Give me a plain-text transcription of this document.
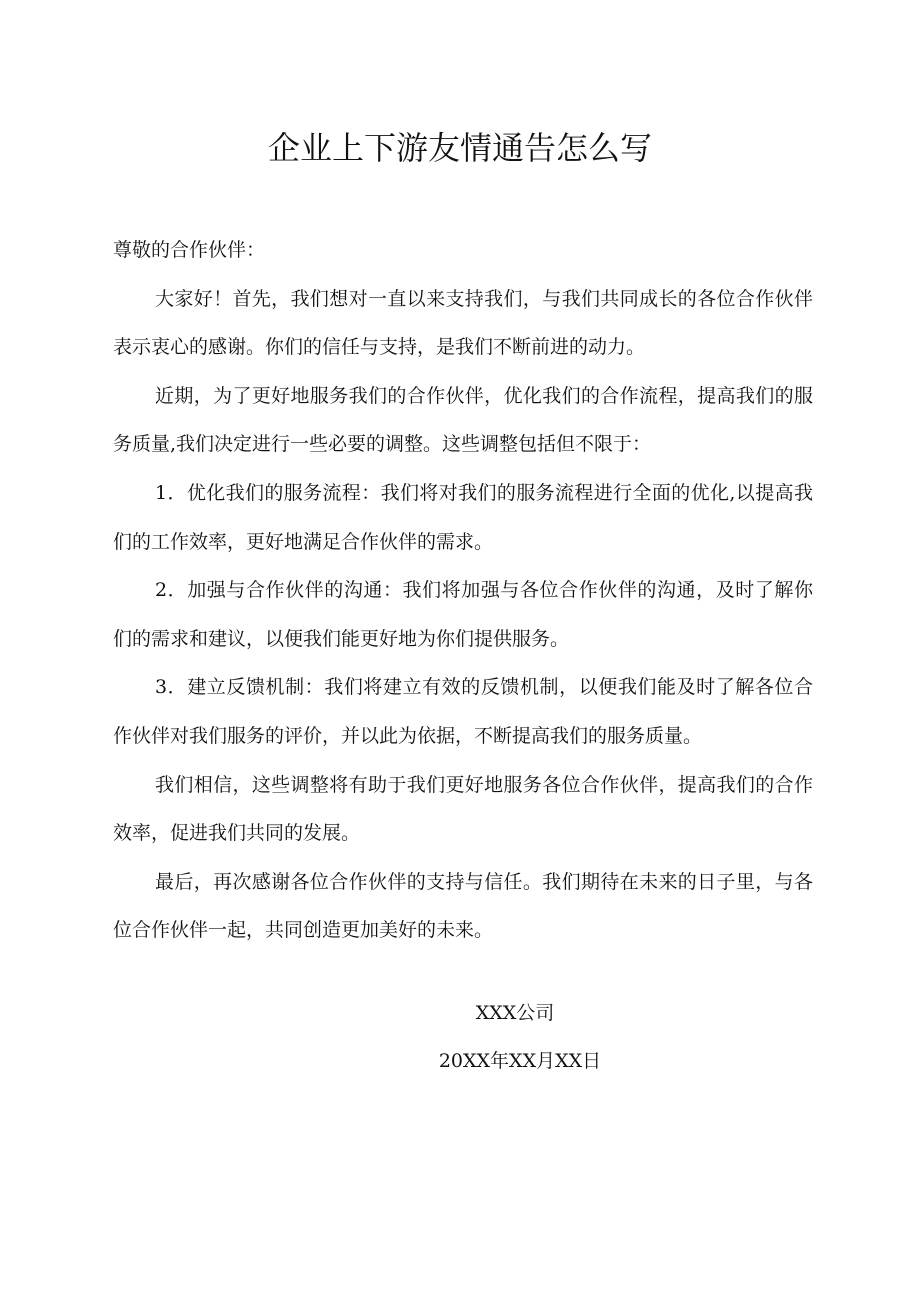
企业上下游友情通告怎么写

尊敬的合作伙伴：

大家好！首先，我们想对一直以来支持我们，与我们共同成长的各位合作伙伴表示衷心的感谢。你们的信任与支持，是我们不断前进的动力。

近期，为了更好地服务我们的合作伙伴，优化我们的合作流程，提高我们的服务质量,我们决定进行一些必要的调整。这些调整包括但不限于：

1．优化我们的服务流程：我们将对我们的服务流程进行全面的优化,以提高我们的工作效率，更好地满足合作伙伴的需求。

2．加强与合作伙伴的沟通：我们将加强与各位合作伙伴的沟通，及时了解你们的需求和建议，以便我们能更好地为你们提供服务。

3．建立反馈机制：我们将建立有效的反馈机制，以便我们能及时了解各位合作伙伴对我们服务的评价，并以此为依据，不断提高我们的服务质量。

我们相信，这些调整将有助于我们更好地服务各位合作伙伴，提高我们的合作效率，促进我们共同的发展。

最后，再次感谢各位合作伙伴的支持与信任。我们期待在未来的日子里，与各位合作伙伴一起，共同创造更加美好的未来。

XXX公司
20XX年XX月XX日
